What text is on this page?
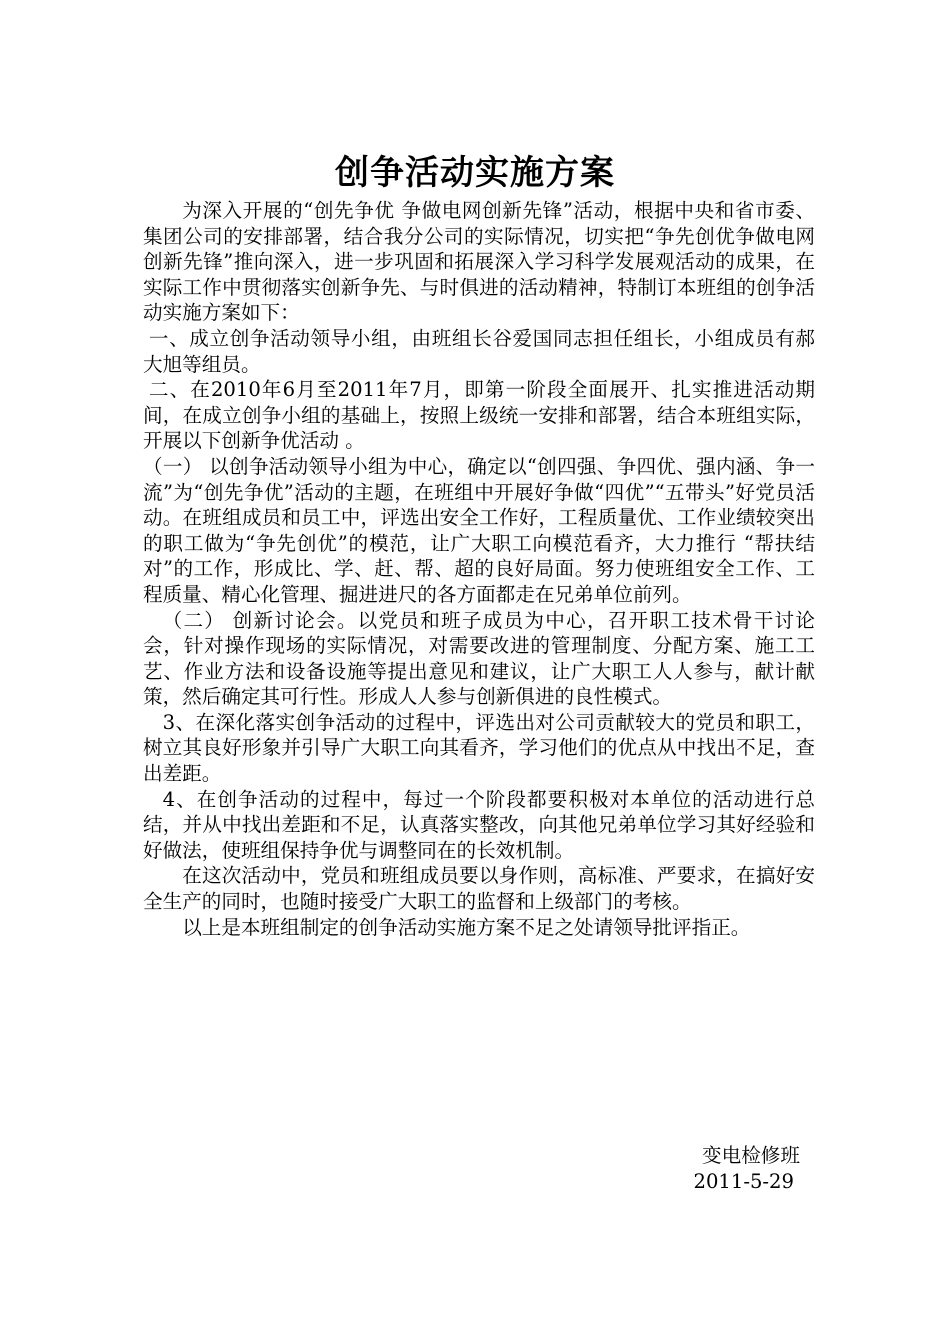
创争活动实施方案

为深入开展的“创先争优 争做电网创新先锋”活动，根据中央和省市委、集团公司的安排部署，结合我分公司的实际情况，切实把“争先创优争做电网创新先锋”推向深入，进一步巩固和拓展深入学习科学发展观活动的成果，在实际工作中贯彻落实创新争先、与时俱进的活动精神，特制订本班组的创争活动实施方案如下：

一、成立创争活动领导小组，由班组长谷爱国同志担任组长，小组成员有郝大旭等组员。

二、在2010年6月至2011年7月，即第一阶段全面展开、扎实推进活动期间，在成立创争小组的基础上，按照上级统一安排和部署，结合本班组实际，开展以下创新争优活动 。

（一） 以创争活动领导小组为中心，确定以“创四强、争四优、强内涵、争一流”为“创先争优”活动的主题，在班组中开展好争做“四优”“五带头”好党员活动。在班组成员和员工中，评选出安全工作好，工程质量优、工作业绩较突出的职工做为“争先创优”的模范，让广大职工向模范看齐，大力推行 “帮扶结对”的工作，形成比、学、赶、帮、超的良好局面。努力使班组安全工作、工程质量、精心化管理、掘进进尺的各方面都走在兄弟单位前列。

（二） 创新讨论会。以党员和班子成员为中心，召开职工技术骨干讨论会，针对操作现场的实际情况，对需要改进的管理制度、分配方案、施工工艺、作业方法和设备设施等提出意见和建议，让广大职工人人参与，献计献策，然后确定其可行性。形成人人参与创新俱进的良性模式。

3、在深化落实创争活动的过程中，评选出对公司贡献较大的党员和职工，树立其良好形象并引导广大职工向其看齐，学习他们的优点从中找出不足，查出差距。

4、在创争活动的过程中，每过一个阶段都要积极对本单位的活动进行总结，并从中找出差距和不足，认真落实整改，向其他兄弟单位学习其好经验和好做法，使班组保持争优与调整同在的长效机制。

在这次活动中，党员和班组成员要以身作则，高标准、严要求，在搞好安全生产的同时，也随时接受广大职工的监督和上级部门的考核。

以上是本班组制定的创争活动实施方案不足之处请领导批评指正。

变电检修班
2011-5-29
